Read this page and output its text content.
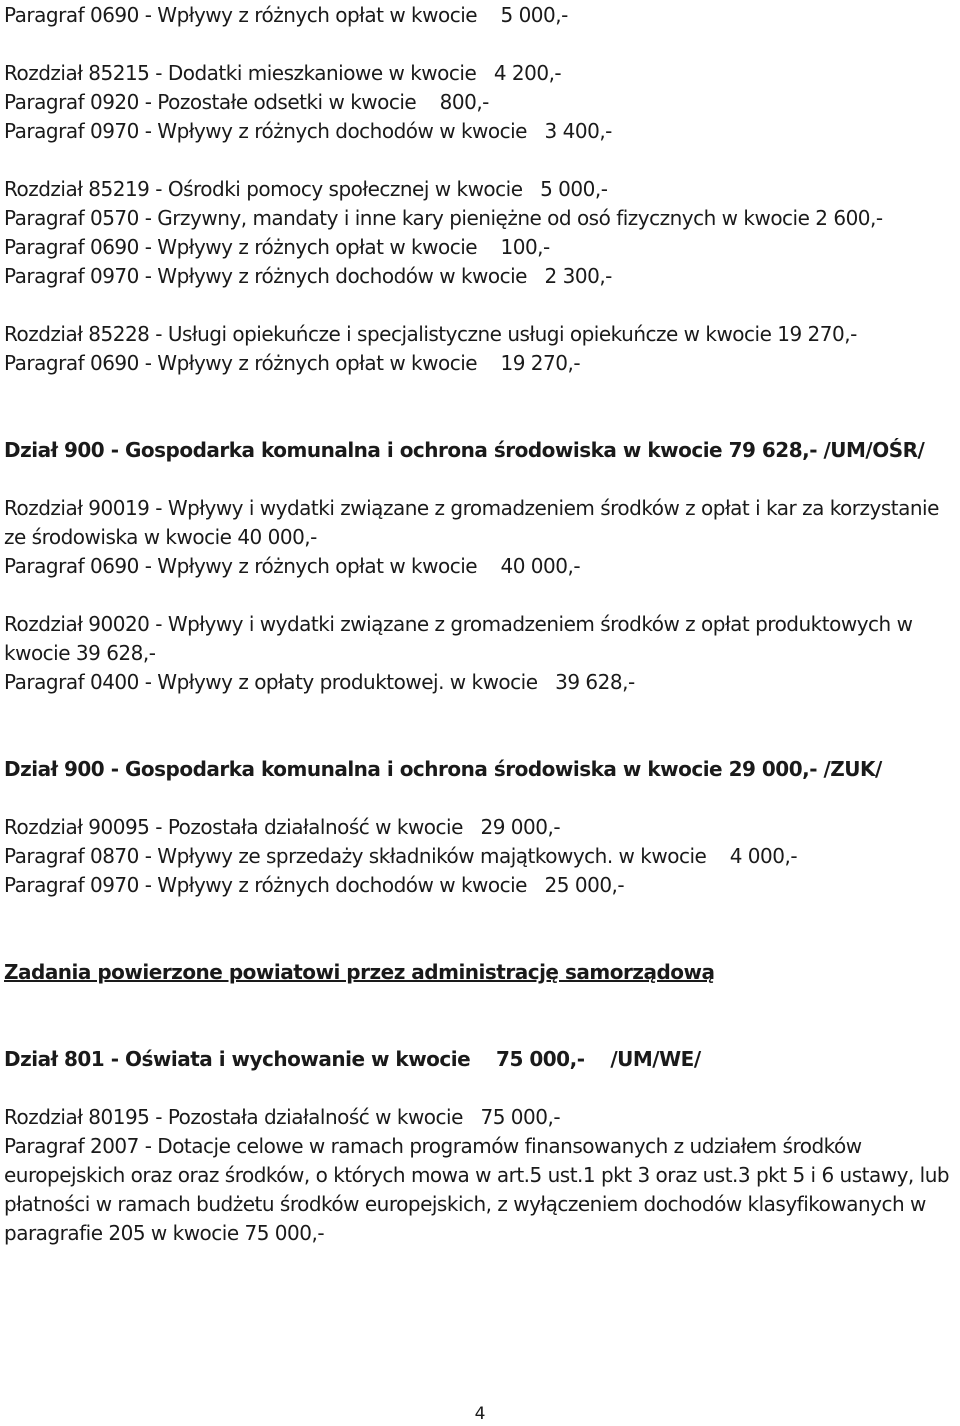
Paragraf 0690 - Wpływy z różnych opłat w kwocie    5 000,-
Rozdział 85215 - Dodatki mieszkaniowe w kwocie   4 200,-
Paragraf 0920 - Pozostałe odsetki w kwocie    800,-
Paragraf 0970 - Wpływy z różnych dochodów w kwocie   3 400,-
Rozdział 85219 - Ośrodki pomocy społecznej w kwocie   5 000,-
Paragraf 0570 - Grzywny, mandaty i inne kary pieniężne od osó fizycznych w kwocie 2 600,-
Paragraf 0690 - Wpływy z różnych opłat w kwocie    100,-
Paragraf 0970 - Wpływy z różnych dochodów w kwocie   2 300,-
Rozdział 85228 - Usługi opiekuńcze i specjalistyczne usługi opiekuńcze w kwocie 19 270,-
Paragraf 0690 - Wpływy z różnych opłat w kwocie    19 270,-
Dział 900 - Gospodarka komunalna i ochrona środowiska w kwocie 79 628,- /UM/OŚR/
Rozdział 90019 - Wpływy i wydatki związane z gromadzeniem środków z opłat i kar za korzystanie ze środowiska w kwocie 40 000,-
Paragraf 0690 - Wpływy z różnych opłat w kwocie    40 000,-
Rozdział 90020 - Wpływy i wydatki związane z gromadzeniem środków z opłat produktowych w kwocie 39 628,-
Paragraf 0400 - Wpływy z opłaty produktowej. w kwocie   39 628,-
Dział 900 - Gospodarka komunalna i ochrona środowiska w kwocie 29 000,- /ZUK/
Rozdział 90095 - Pozostała działalność w kwocie   29 000,-
Paragraf 0870 - Wpływy ze sprzedaży składników majątkowych. w kwocie    4 000,-
Paragraf 0970 - Wpływy z różnych dochodów w kwocie   25 000,-
Zadania powierzone powiatowi przez administrację samorządową
Dział 801 - Oświata i wychowanie w kwocie    75 000,-    /UM/WE/
Rozdział 80195 - Pozostała działalność w kwocie   75 000,-
Paragraf 2007 - Dotacje celowe w ramach programów finansowanych z udziałem środków europejskich oraz oraz środków, o których mowa w art.5 ust.1 pkt 3 oraz ust.3 pkt 5 i 6 ustawy, lub płatności w ramach budżetu środków europejskich, z wyłączeniem dochodów klasyfikowanych w paragrafie 205 w kwocie 75 000,-
4
